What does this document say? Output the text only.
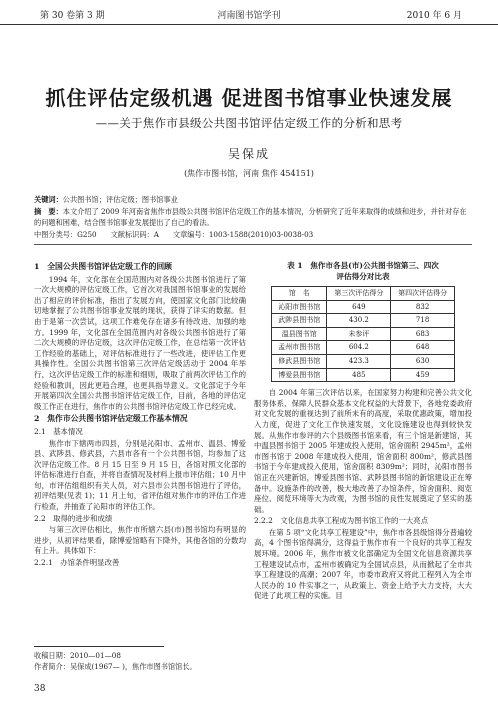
第 30 卷第 3 期	河南图书馆学刊	2010 年 6 月
抓住评估定级机遇 促进图书馆事业快速发展
——关于焦作市县级公共图书馆评估定级工作的分析和思考
吴保成
(焦作市图书馆，河南 焦作 454151)

关键词：公共图书馆；评估定级；图书馆事业

摘　要：本文介绍了 2009 年河南省焦作市县级公共图书馆评估定级工作的基本情况，分析研究了近年来取得的成绩和进步，并针对存在的问题和困难，结合图书馆事业发展提出了自己的看法。

中图分类号：G250 文献标识码：A 文章编号：1003-1588(2010)03-0038-03

1　全国公共图书馆评估定级工作的回顾

1994 年，文化部在全国范围内对各级公共图书馆进行了第一次大规模的评估定级工作，它首次对我国图书馆事业的发展给出了相应的评价标准，指出了发展方向，使国家文化部门比较确切地掌握了公共图书馆事业发展的现状，获得了详实的数据。但由于是第一次尝试，这项工作难免存在诸多有待改进、加强的地方。1999 年，文化部在全国范围内对各级公共图书馆进行了第二次大规模的评估定级，这次评估定级工作，在总结第一次评估工作经验的基础上，对评估标准进行了一些改进，使评估工作更具操作性。全国公共图书馆第三次评估定级活动于 2004 年举行，这次评估定级工作的标准和细则，吸取了前两次评估工作的经验和教训，因此更趋合理，也更具指导意义。文化部定于今年开展第四次全国公共图书馆评估定级工作，目前，各地的评估定级工作正在进行，焦作市的公共图书馆评估定级工作已经完成。

2　焦作市公共图书馆评估定级工作基本情况
2.1　基本情况

焦作市下辖两市四县，分别是沁阳市、孟州市、温县、博爱县、武陟县、修武县，六县市各有一个公共图书馆，均参加了这次评估定级工作。8 月 15 日至 9 月 15 日，各馆对照文化部的评估标准进行自查，并将自查情况及材料上报市评估组；10 月中旬，市评估组组织有关人员，对六县市公共图书馆进行了评估，初评结果(见表 1)；11 月上旬，省评估组对焦作市的评估工作进行检查，并抽查了沁阳市的评估工作。

2.2　取得的进步和成绩

与第三次评估相比，焦作市所辖六县(市)图书馆均有明显的进步，从初评结果看，除博爱馆略有下降外，其他各馆的分数均有上升。具体如下：

2.2.1　办馆条件明显改善
表 1　焦作市各县(市)公共图书馆第三、四次
评估得分对比表
馆　名	第三次评估得分	第四次评估得分
沁阳市图书馆	649	832
武陟县图书馆	430.2	718
温县图书馆	未参评	683
孟州市图书馆	604.2	648
修武县图书馆	423.3	630
博爱县图书馆	485	459

自 2004 年第三次评估以来，在国家努力构建和完善公共文化服务体系、保障人民群众基本文化权益的大背景下，各地党委政府对文化发展的重视达到了前所未有的高度，采取优惠政策，增加投入力度，促进了文化工作快速发展，文化设施建设也得到较快发展。从焦作市参评的六个县级图书馆来看，有三个馆是新建馆，其中温县图书馆于 2005 年建成投入使用，馆舍面积 2945m²，孟州市图书馆于 2008 年建成投入使用，馆舍面积 800m²，修武县图书馆于今年建成投入使用，馆舍面积 8309m²；同时，沁阳市图书馆正在兴建新馆，博爱县图书馆、武陟县图书馆的新馆建设正在筹备中。设施条件的改善，极大地改善了办馆条件，馆舍面积、阅览座位、阅览环境等大为改观，为图书馆的良性发展奠定了坚实的基础。

2.2.2　文化信息共享工程成为图书馆工作的一大亮点

在第 5 项“文化共享工程建设”中，焦作市各县级馆得分普遍较高，4 个图书馆得满分，这得益于焦作市有一个良好的共享工程发展环境。2006 年，焦作市被文化部确定为全国文化信息资源共享工程建设试点市，孟州市被确定为全国试点县，从而掀起了全市共享工程建设的高潮；2007 年，市委市政府又将此工程列入为全市人民办的 10 件实事之一，从政策上、资金上给予大力支持，大大促进了此项工程的实施。目

收稿日期：2010—01—08

作者简介：吴保成(1967— )，焦作市图书馆馆长。

38
